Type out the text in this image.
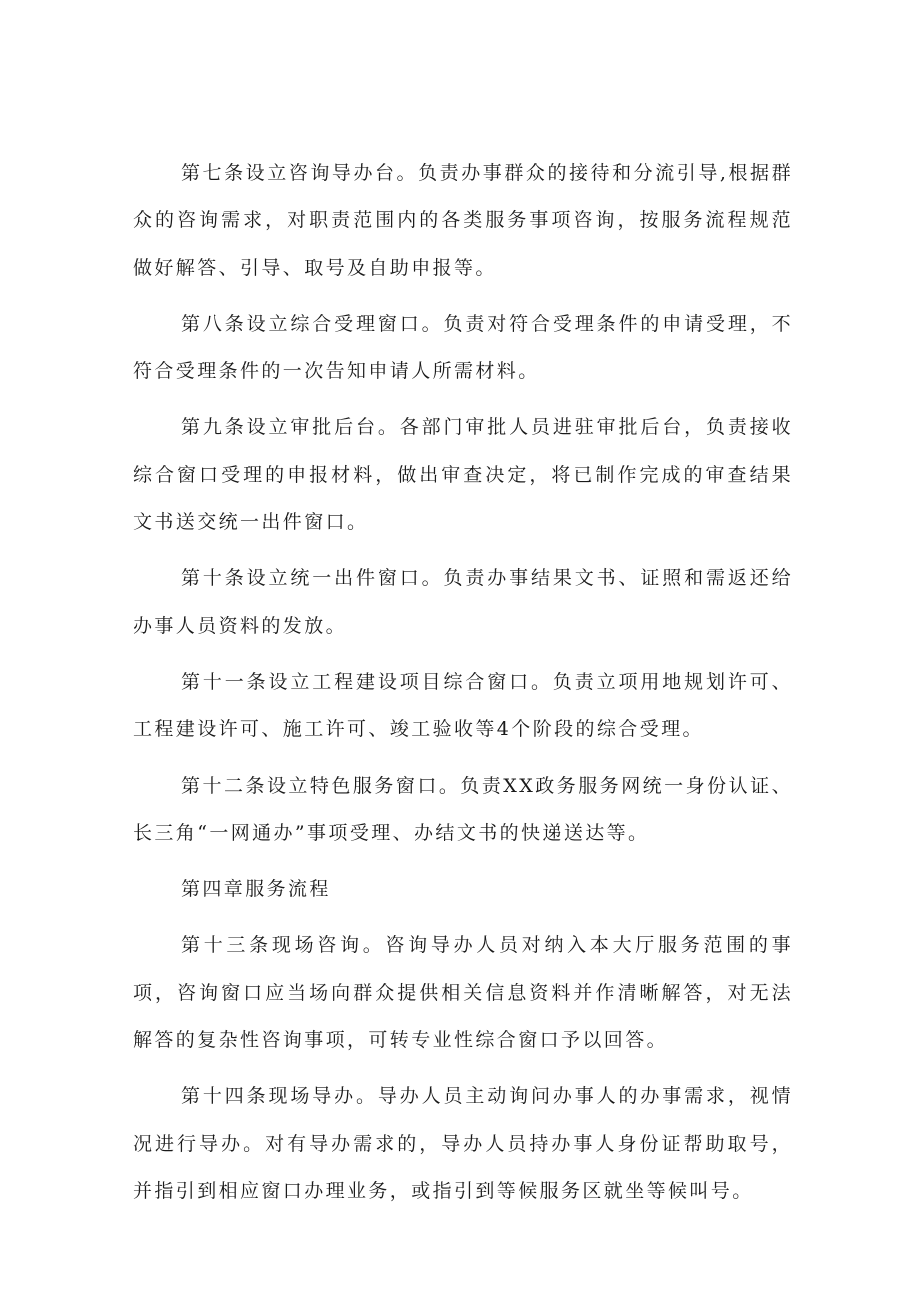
第七条设立咨询导办台。负责办事群众的接待和分流引导,根据群众的咨询需求，对职责范围内的各类服务事项咨询，按服务流程规范做好解答、引导、取号及自助申报等。

第八条设立综合受理窗口。负责对符合受理条件的申请受理，不符合受理条件的一次告知申请人所需材料。

第九条设立审批后台。各部门审批人员进驻审批后台，负责接收综合窗口受理的申报材料，做出审查决定，将已制作完成的审查结果文书送交统一出件窗口。

第十条设立统一出件窗口。负责办事结果文书、证照和需返还给办事人员资料的发放。

第十一条设立工程建设项目综合窗口。负责立项用地规划许可、工程建设许可、施工许可、竣工验收等4个阶段的综合受理。

第十二条设立特色服务窗口。负责XX政务服务网统一身份认证、长三角“一网通办”事项受理、办结文书的快递送达等。

第四章服务流程

第十三条现场咨询。咨询导办人员对纳入本大厅服务范围的事项，咨询窗口应当场向群众提供相关信息资料并作清晰解答，对无法解答的复杂性咨询事项，可转专业性综合窗口予以回答。

第十四条现场导办。导办人员主动询问办事人的办事需求，视情况进行导办。对有导办需求的，导办人员持办事人身份证帮助取号，并指引到相应窗口办理业务，或指引到等候服务区就坐等候叫号。
